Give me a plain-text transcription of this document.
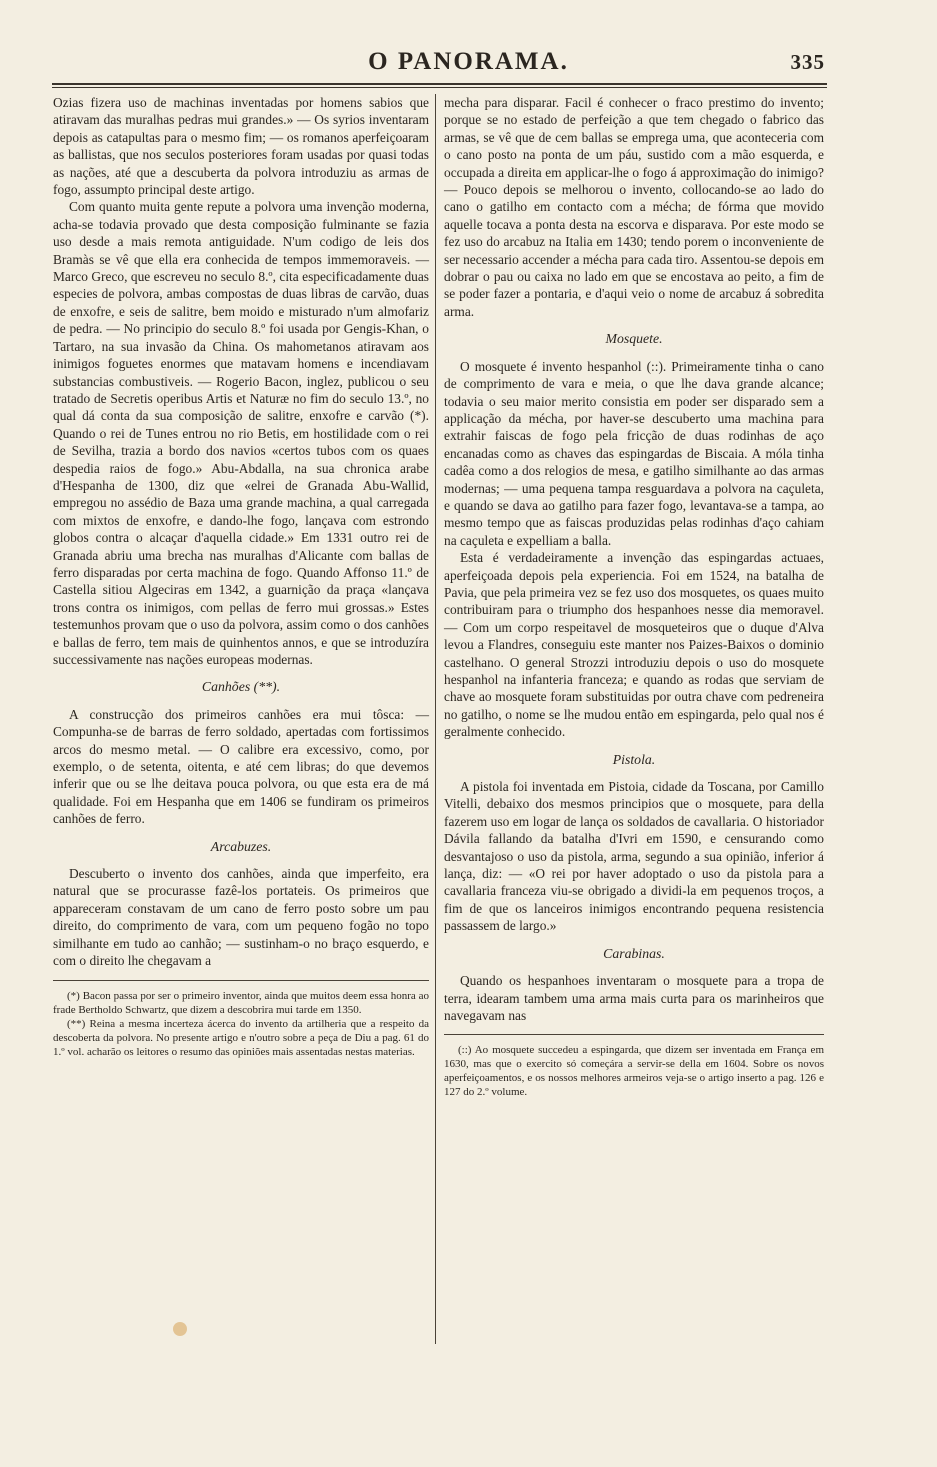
O PANORAMA.	335

Ozias fizera uso de machinas inventadas por homens sabios que atiravam das muralhas pedras mui grandes.» — Os syrios inventaram depois as catapultas para o mesmo fim; — os romanos aperfeiçoaram as ballistas, que nos seculos posteriores foram usadas por quasi todas as nações, até que a descuberta da polvora introduziu as armas de fogo, assumpto principal deste artigo.

Com quanto muita gente repute a polvora uma invenção moderna, acha-se todavia provado que desta composição fulminante se fazia uso desde a mais remota antiguidade. N'um codigo de leis dos Bramàs se vê que ella era conhecida de tempos immemoraveis. — Marco Greco, que escreveu no seculo 8.º, cita especificadamente duas especies de polvora, ambas compostas de duas libras de carvão, duas de enxofre, e seis de salitre, bem moido e misturado n'um almofariz de pedra. — No principio do seculo 8.º foi usada por Gengis-Khan, o Tartaro, na sua invasão da China. Os mahometanos atiravam aos inimigos foguetes enormes que matavam homens e incendiavam substancias combustiveis. — Rogerio Bacon, inglez, publicou o seu tratado de Secretis operibus Artis et Naturæ no fim do seculo 13.º, no qual dá conta da sua composição de salitre, enxofre e carvão (*). Quando o rei de Tunes entrou no rio Betis, em hostilidade com o rei de Sevilha, trazia a bordo dos navios «certos tubos com os quaes despedia raios de fogo.» Abu-Abdalla, na sua chronica arabe d'Hespanha de 1300, diz que «elrei de Granada Abu-Wallid, empregou no assédio de Baza uma grande machina, a qual carregada com mixtos de enxofre, e dando-lhe fogo, lançava com estrondo globos contra o alcaçar d'aquella cidade.» Em 1331 outro rei de Granada abriu uma brecha nas muralhas d'Alicante com ballas de ferro disparadas por certa machina de fogo. Quando Affonso 11.º de Castella sitiou Algeciras em 1342, a guarnição da praça «lançava trons contra os inimigos, com pellas de ferro mui grossas.» Estes testemunhos provam que o uso da polvora, assim como o dos canhões e ballas de ferro, tem mais de quinhentos annos, e que se introduzíra successivamente nas nações europeas modernas.

Canhões (**).

A construcção dos primeiros canhões era mui tôsca: — Compunha-se de barras de ferro soldado, apertadas com fortissimos arcos do mesmo metal. — O calibre era excessivo, como, por exemplo, o de setenta, oitenta, e até cem libras; do que devemos inferir que ou se lhe deitava pouca polvora, ou que esta era de má qualidade. Foi em Hespanha que em 1406 se fundiram os primeiros canhões de ferro.

Arcabuzes.

Descuberto o invento dos canhões, ainda que imperfeito, era natural que se procurasse fazê-los portateis. Os primeiros que appareceram constavam de um cano de ferro posto sobre um pau direito, do comprimento de vara, com um pequeno fogão no topo similhante em tudo ao canhão; — sustinham-o no braço esquerdo, e com o direito lhe chegavam a

(*) Bacon passa por ser o primeiro inventor, ainda que muitos deem essa honra ao frade Bertholdo Schwartz, que dizem a descobrira mui tarde em 1350.

(**) Reina a mesma incerteza ácerca do invento da artilheria que a respeito da descoberta da polvora. No presente artigo e n'outro sobre a peça de Diu a pag. 61 do 1.º vol. acharão os leitores o resumo das opiniões mais assentadas nestas materias.

mecha para disparar. Facil é conhecer o fraco prestimo do invento; porque se no estado de perfeição a que tem chegado o fabrico das armas, se vê que de cem ballas se emprega uma, que aconteceria com o cano posto na ponta de um páu, sustido com a mão esquerda, e occupada a direita em applicar-lhe o fogo á approximação do inimigo? — Pouco depois se melhorou o invento, collocando-se ao lado do cano o gatilho em contacto com a mécha; de fórma que movido aquelle tocava a ponta desta na escorva e disparava. Por este modo se fez uso do arcabuz na Italia em 1430; tendo porem o inconveniente de ser necessario accender a mécha para cada tiro. Assentou-se depois em dobrar o pau ou caixa no lado em que se encostava ao peito, a fim de se poder fazer a pontaria, e d'aqui veio o nome de arcabuz á sobredita arma.

Mosquete.

O mosquete é invento hespanhol (::). Primeiramente tinha o cano de comprimento de vara e meia, o que lhe dava grande alcance; todavia o seu maior merito consistia em poder ser disparado sem a applicação da mécha, por haver-se descuberto uma machina para extrahir faiscas de fogo pela fricção de duas rodinhas de aço encanadas como as chaves das espingardas de Biscaia. A móla tinha cadêa como a dos relogios de mesa, e gatilho similhante ao das armas modernas; — uma pequena tampa resguardava a polvora na caçuleta, e quando se dava ao gatilho para fazer fogo, levantava-se a tampa, ao mesmo tempo que as faiscas produzidas pelas rodinhas d'aço cahiam na caçuleta e expelliam a balla.

Esta é verdadeiramente a invenção das espingardas actuaes, aperfeiçoada depois pela experiencia. Foi em 1524, na batalha de Pavia, que pela primeira vez se fez uso dos mosquetes, os quaes muito contribuiram para o triumpho dos hespanhoes nesse dia memoravel. — Com um corpo respeitavel de mosqueteiros que o duque d'Alva levou a Flandres, conseguiu este manter nos Paizes-Baixos o dominio castelhano. O general Strozzi introduziu depois o uso do mosquete hespanhol na infanteria franceza; e quando as rodas que serviam de chave ao mosquete foram substituidas por outra chave com pedreneira no gatilho, o nome se lhe mudou então em espingarda, pelo qual nos é geralmente conhecido.

Pistola.

A pistola foi inventada em Pistoia, cidade da Toscana, por Camillo Vitelli, debaixo dos mesmos principios que o mosquete, para della fazerem uso em logar de lança os soldados de cavallaria. O historiador Dávila fallando da batalha d'Ivri em 1590, e censurando como desvantajoso o uso da pistola, arma, segundo a sua opinião, inferior á lança, diz: — «O rei por haver adoptado o uso da pistola para a cavallaria franceza viu-se obrigado a dividi-la em pequenos troços, a fim de que os lanceiros inimigos encontrando pequena resistencia passassem de largo.»

Carabinas.

Quando os hespanhoes inventaram o mosquete para a tropa de terra, idearam tambem uma arma mais curta para os marinheiros que navegavam nas

(::) Ao mosquete succedeu a espingarda, que dizem ser inventada em França em 1630, mas que o exercito só começára a servir-se della em 1604. Sobre os novos aperfeiçoamentos, e os nossos melhores armeiros veja-se o artigo inserto a pag. 126 e 127 do 2.º volume.
